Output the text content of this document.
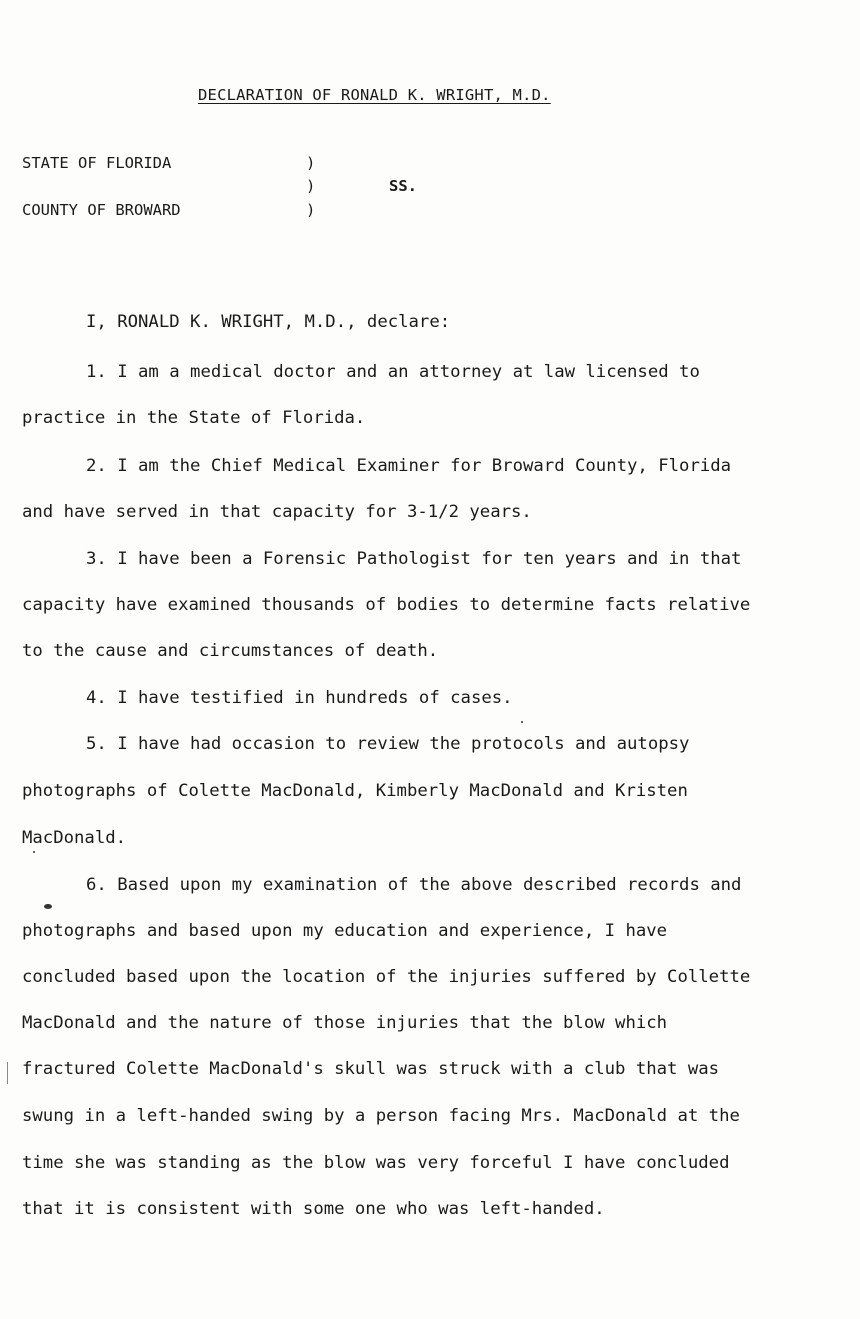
DECLARATION OF RONALD K. WRIGHT, M.D.
STATE OF FLORIDA
COUNTY OF BROWARD
)
)
)
SS.
I, RONALD K. WRIGHT, M.D., declare:
1. I am a medical doctor and an attorney at law licensed to
practice in the State of Florida.
2. I am the Chief Medical Examiner for Broward County, Florida
and have served in that capacity for 3-1/2 years.
3. I have been a Forensic Pathologist for ten years and in that
capacity have examined thousands of bodies to determine facts relative
to the cause and circumstances of death.
4. I have testified in hundreds of cases.
5. I have had occasion to review the protocols and autopsy
photographs of Colette MacDonald, Kimberly MacDonald and Kristen
MacDonald.
6. Based upon my examination of the above described records and
photographs and based upon my education and experience, I have
concluded based upon the location of the injuries suffered by Collette
MacDonald and the nature of those injuries that the blow which
fractured Colette MacDonald's skull was struck with a club that was
swung in a left-handed swing by a person facing Mrs. MacDonald at the
time she was standing as the blow was very forceful I have concluded
that it is consistent with some one who was left-handed.
